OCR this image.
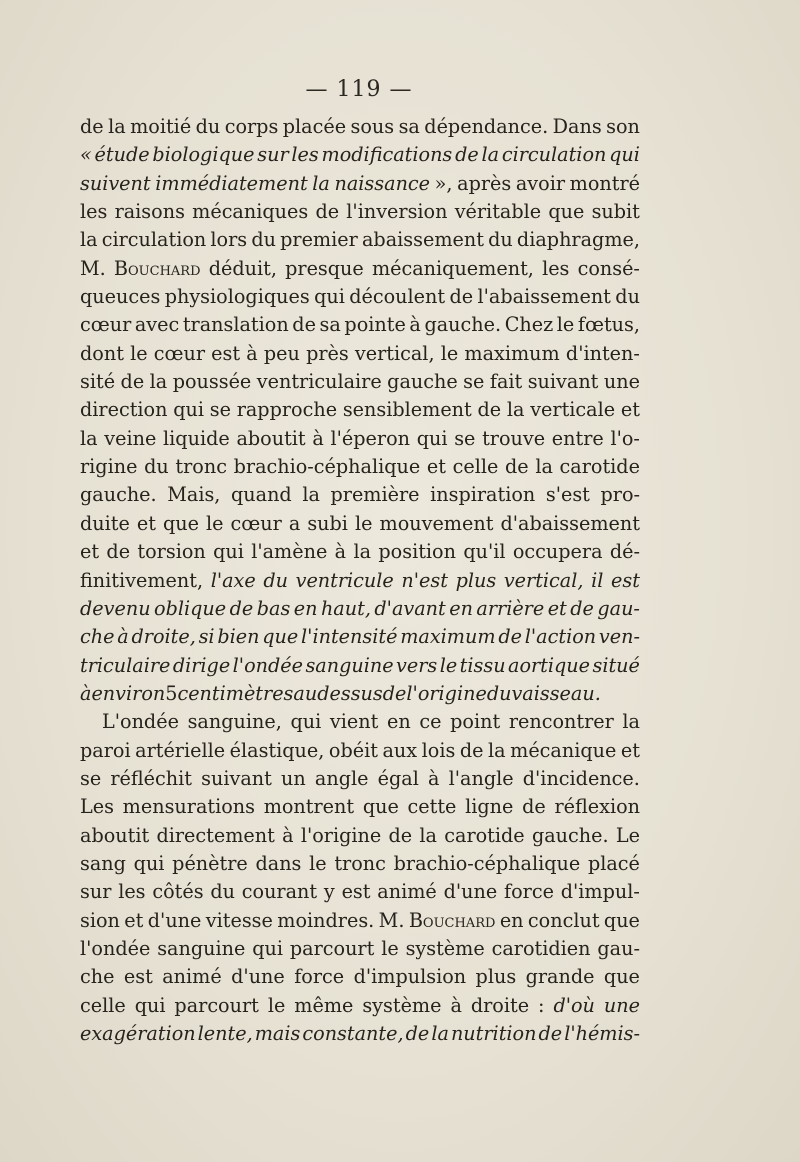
— 119 —
de la moitié du corps placée sous sa dépendance. Dans son
« étude biologique sur les modifications de la circulation qui
suivent immédiatement la naissance », après avoir montré
les raisons mécaniques de l'inversion véritable que subit
la circulation lors du premier abaissement du diaphragme,
M. Bouchard déduit, presque mécaniquement, les consé-
queuces physiologiques qui découlent de l'abaissement du
cœur avec translation de sa pointe à gauche. Chez le fœtus,
dont le cœur est à peu près vertical, le maximum d'inten-
sité de la poussée ventriculaire gauche se fait suivant une
direction qui se rapproche sensiblement de la verticale et
la veine liquide aboutit à l'éperon qui se trouve entre l'o-
rigine du tronc brachio-céphalique et celle de la carotide
gauche. Mais, quand la première inspiration s'est pro-
duite et que le cœur a subi le mouvement d'abaissement
et de torsion qui l'amène à la position qu'il occupera dé-
finitivement, l'axe du ventricule n'est plus vertical, il est
devenu oblique de bas en haut, d'avant en arrière et de gau-
che à droite, si bien que l'intensité maximum de l'action ven-
triculaire dirige l'ondée sanguine vers le tissu aortique situé
à environ 5 centimètres au dessus de l'origine du vaisseau.
L'ondée sanguine, qui vient en ce point rencontrer la
paroi artérielle élastique, obéit aux lois de la mécanique et
se réfléchit suivant un angle égal à l'angle d'incidence.
Les mensurations montrent que cette ligne de réflexion
aboutit directement à l'origine de la carotide gauche. Le
sang qui pénètre dans le tronc brachio-céphalique placé
sur les côtés du courant y est animé d'une force d'impul-
sion et d'une vitesse moindres. M. Bouchard en conclut que
l'ondée sanguine qui parcourt le système carotidien gau-
che est animé d'une force d'impulsion plus grande que
celle qui parcourt le même système à droite : d'où une
exagération lente, mais constante, de la nutrition de l'hémis-
